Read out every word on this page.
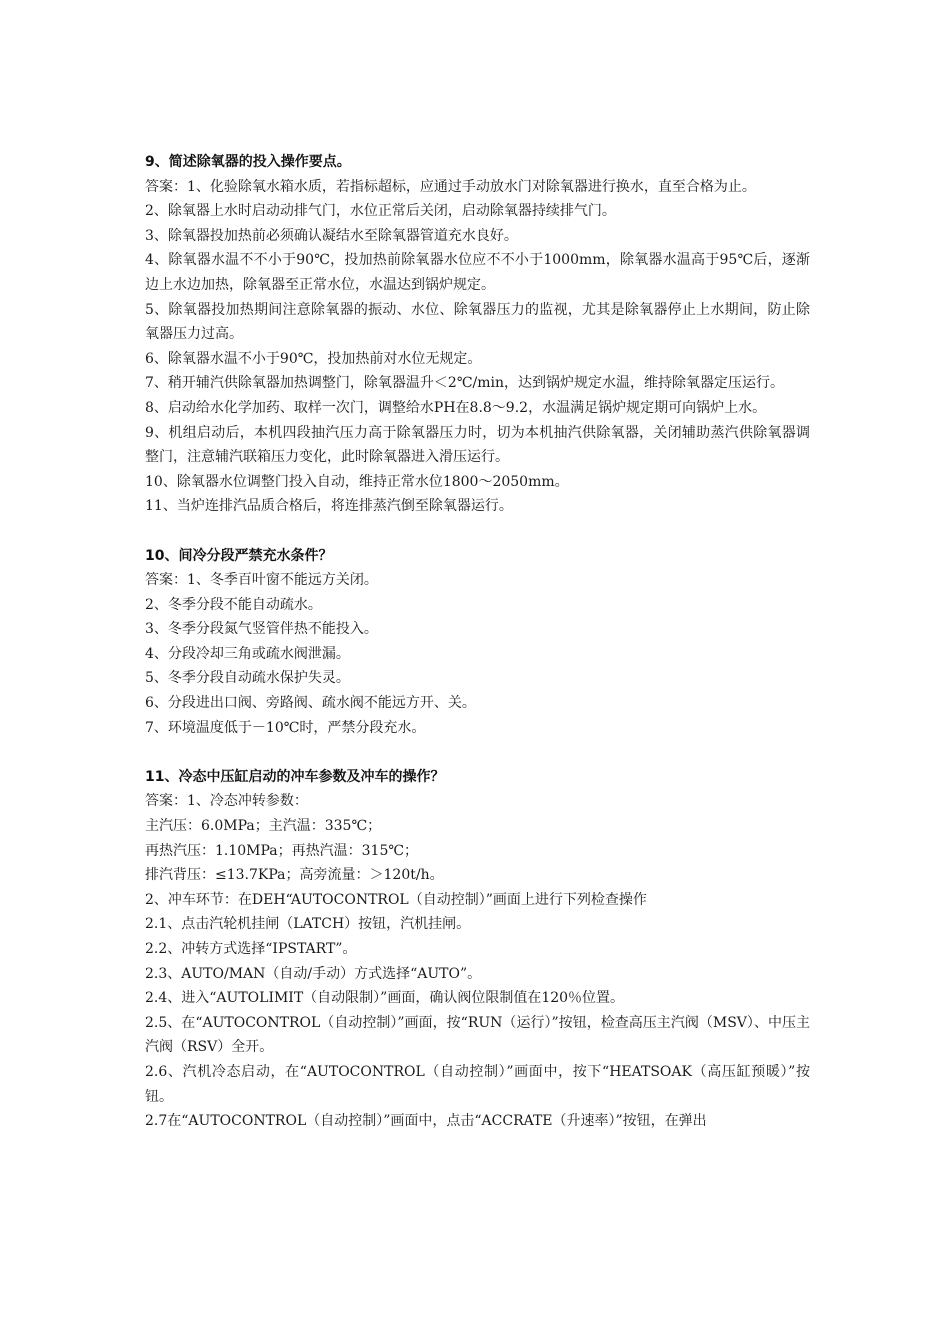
9、简述除氧器的投入操作要点。

答案：1、化验除氧水箱水质，若指标超标，应通过手动放水门对除氧器进行换水，直至合格为止。

2、除氧器上水时启动动排气门，水位正常后关闭，启动除氧器持续排气门。

3、除氧器投加热前必须确认凝结水至除氧器管道充水良好。

4、除氧器水温不不小于90℃，投加热前除氧器水位应不不小于1000mm，除氧器水温高于95℃后，逐渐边上水边加热，除氧器至正常水位，水温达到锅炉规定。

5、除氧器投加热期间注意除氧器的振动、水位、除氧器压力的监视，尤其是除氧器停止上水期间，防止除氧器压力过高。

6、除氧器水温不小于90℃，投加热前对水位无规定。

7、稍开辅汽供除氧器加热调整门，除氧器温升＜2℃/min，达到锅炉规定水温，维持除氧器定压运行。

8、启动给水化学加药、取样一次门，调整给水PH在8.8～9.2，水温满足锅炉规定期可向锅炉上水。

9、机组启动后，本机四段抽汽压力高于除氧器压力时，切为本机抽汽供除氧器，关闭辅助蒸汽供除氧器调整门，注意辅汽联箱压力变化，此时除氧器进入滑压运行。

10、除氧器水位调整门投入自动，维持正常水位1800～2050mm。

11、当炉连排汽品质合格后，将连排蒸汽倒至除氧器运行。

10、间冷分段严禁充水条件？

答案：1、冬季百叶窗不能远方关闭。

2、冬季分段不能自动疏水。

3、冬季分段氮气竖管伴热不能投入。

4、分段冷却三角或疏水阀泄漏。

5、冬季分段自动疏水保护失灵。

6、分段进出口阀、旁路阀、疏水阀不能远方开、关。

7、环境温度低于－10℃时，严禁分段充水。

11、冷态中压缸启动的冲车参数及冲车的操作？

答案：1、冷态冲转参数：

主汽压：6.0MPa；主汽温：335℃；

再热汽压：1.10MPa；再热汽温：315℃；

排汽背压：≤13.7KPa；高旁流量：＞120t/h。

2、冲车环节：在DEH“AUTOCONTROL（自动控制）”画面上进行下列检查操作

2.1、点击汽轮机挂闸（LATCH）按钮，汽机挂闸。

2.2、冲转方式选择“IPSTART”。

2.3、AUTO/MAN（自动/手动）方式选择“AUTO”。

2.4、进入“AUTOLIMIT（自动限制）”画面，确认阀位限制值在120％位置。

2.5、在“AUTOCONTROL（自动控制）”画面，按“RUN（运行）”按钮，检查高压主汽阀（MSV）、中压主汽阀（RSV）全开。

2.6、汽机冷态启动，在“AUTOCONTROL（自动控制）”画面中，按下“HEATSOAK（高压缸预暖）”按钮。

2.7在“AUTOCONTROL（自动控制）”画面中，点击“ACCRATE（升速率）”按钮，在弹出
